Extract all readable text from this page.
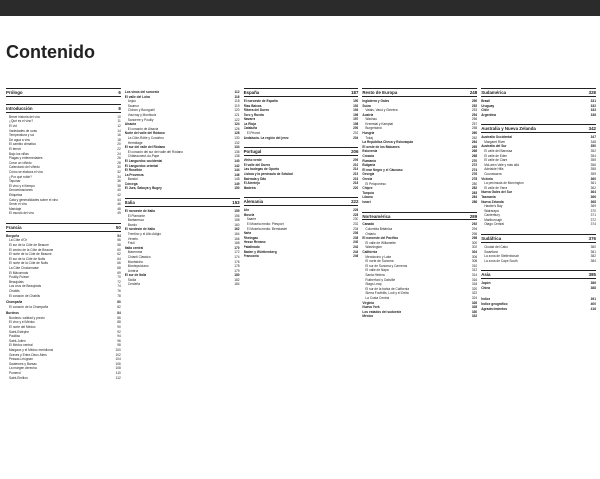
Contenido
Prólogo	6
Introducción	8
Breve historia del vino	10
¿Qué es el vino?	11
El vid	12
Variedades de uvas	14
Temperatura y sol	16
De agua a vino	18
El cambio climático	20
El terroir	22
Bajo los viñas	24
Plagas y enfermedades	26
Crear un viñedo	28
Calendario del viñedo	30
Cómo se elabora el vino	32
¿Por qué roble?	34
Taponar	36
El vino y el tiempo	38
Denominaciones	40
Etiquetas	42
Cata y generalidades sobre el vino	44
Servir el vino	46
Maridaje	48
El mundo del vino	49
Francia	50
Borgoña	54
La Côte d'Or	56
El sur de la Côte de Beaune	58
El centro de la Côte de Beaune	60
El norte de la Côte de Beaune	62
El sur de la Côte de Nuits	64
El norte de la Côte de Nuits	66
La Côte Chalonnaise	68
El Mâconnais	69
Pouilly-Fuissé	70
Beaujolais	72
Los crus de Beaujolais	74
Chablis	76
El corazón de Chablis	78
Champaña	80
El corazón de la Champaña	82
Burdeos	84
Burdeos: calidad y precio	86
El vino y el Médoc	88
El norte del Médoc	90
Saint-Estèphe	92
Pauillac	94
Saint-Julien	96
El Médoc central	98
Margaux y el Médoc meridional	100
Graves y Entre-Deux-Mers	102
Pessac-Léognan	104
Sauternes y Barsac	106
La margen derecha	108
Pomerol	110
Saint-Émilion	112
Los vinos del suroeste	112
El valle del Loira	116
Anjou	118
Saumur	119
Chinon y Bourgueil	120
Vouvray y Montlouis	121
Sancerre y Pouilly	122
Alsacia	124
El corazón de Alsacia	126
Norte del valle del Ródano	128
La Côte-Rôtie y Condrieu	130
Hermitage	132
El sur del valle del Ródano	134
El corazón del sur del valle del Ródano	136
Châteauneuf-du-Pape	138
El Languedoc occidental	140
El Languedoc oriental	142
El Rosellón	144
La Provenza	146
Bandol	148
Córcega	149
El Jura, Saboya y Bugey	150
Italia	153
El noroeste de Italia	155
El Piamonte	156
Barbaresco	158
Barolo	160
El nordeste de Italia	162
Trentino y el Alto Adigio	164
Véneto	166
Friuli	168
Italia central	170
Maremma	172
Chianti Classico	174
Montalcino	176
Montepulciano	178
Umbría	179
El sur de Italia	180
Sicilia	182
Cerdeña	184
España	187
El noroeste de España	190
Rías Baixas	192
Ribera del Duero	194
Toro y Rueda	196
Navarra	197
La Rioja	198
Cataluña	200
El Priorat	202
Andalucía. La región del jerez	204
Portugal	206
Vinho verde	209
El valle del Duero	210
Las bodegas de Oporto	214
Lisboa y la península de Setúbal	215
Bairrada y Dão	216
El Alentejo	218
Madeira	220
Alemania	222
Ahr	226
Mosela	228
Saarre	230
El Mosela medio: Piesport	232
El Mosela medio: Bernkastel	234
Nahe	236
Rheingau	238
Hesse Renano	240
Palatinado	242
Baden y Württemberg	244
Franconia	246
Resto de Europa	248
Inglaterra y Gales	250
Suiza	252
Valais, Vaud y Ginebra	253
Austria	254
Wachau	256
Kremstal y Kamptal	257
Burgenland	258
Hungría	260
Tokaj	262
La República Checa y Eslovaquia	264
El oeste de los Balcanes	265
Eslovenia	266
Croacia	268
Rumanía	270
Bulgaria	272
El mar Negro y el Cáucaso	274
Georgia	276
Grecia	278
El Peloponeso	280
Chipre	282
Turquía	283
Líbano	284
Israel	286
Norteamérica	289
Canadá	292
Columbia Británica	294
Ontario	296
El noroeste del Pacífico	298
El valle de Willamette	300
Washington	302
California	304
Mendocino y Lake	306
El norte de Sonoma	308
El sur de Sonoma y Carneros	310
El valle de Napa	312
Santa Helena	314
Rutherford y Oakville	316
Stags Leap	318
El sur de la bahía de California	320
Sierra Foothills, Lodi y el Delta	322
La Costa Central	324
Virginia	326
Nueva York	328
Los estados del sudoeste	330
México	332
Sudamérica	328
Brasil	331
Uruguay	332
Chile	333
Argentina	338
Australia y Nueva Zelanda	342
Australia Occidental	347
Margaret River	348
Australia del Sur	350
El valle del Barossa	352
El valle de Eden	354
El valle de Clare	355
McLaren Vale y más allá	356
Adelaide Hills	358
Coonawarra	359
Victoria	360
La península de Mornington	361
El valle de Yarra	362
Nueva Gales del Sur	364
Tasmania	366
Nueva Zelanda	368
Hawke's Bay	369
Wairarapa	370
Canterbury	371
Marlborough	372
Otago Central	374
Sudáfrica	376
Ciudad del Cabo	380
Swartland	381
La zona de Stellenbosch	382
La zona de Cape South	384
Asia	385
Japón	386
China	388
Índice	391
Índice geográfico	400
Agradecimientos	416
